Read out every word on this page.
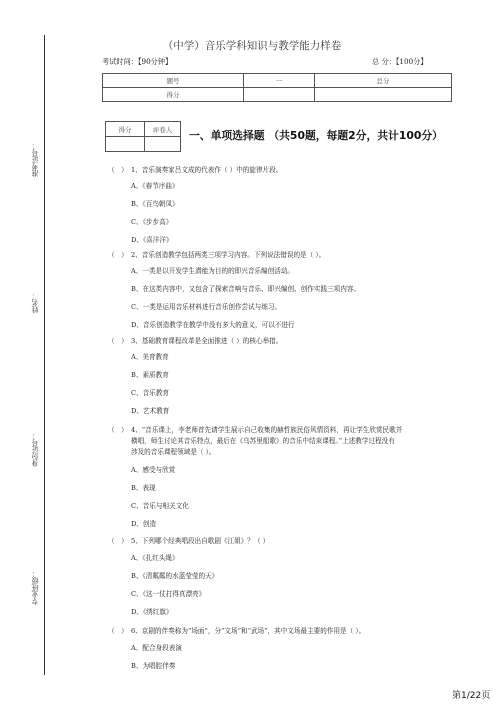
准考证号：
姓名：
身份证号：
专业班级：
（中学）音乐学科知识与教学能力样卷
考试时间：【90分钟】	总 分：【100分】
题号	一	总分
得分		
得分	评卷人
	一、单项选择题 （共50题，每题2分，共计100分）
（　） 1、音乐演奏家吕文成的代表作（ ）中的旋律片段。
A、《春节序曲》
B、《百鸟朝凤》
C、《步步高》
D、《喜洋洋》
（　） 2、音乐创造教学包括两类三项学习内容。下列说法错误的是（ ）。
A、一类是以开发学生潜能为目的的即兴音乐编创活动。
B、在这类内容中，又包含了探索音响与音乐、即兴编创、创作实践三项内容。
C、一类是运用音乐材料进行音乐创作尝试与练习。
D、音乐创造教学在教学中没有多大的意义，可以不进行
（　） 3、基础教育课程改革是全面推进（ ）的核心举措。
A、美育教育
B、素质教育
C、音乐教育
D、艺术教育
（　） 4、“音乐课上，李老师首先请学生展示自己收集的赫哲族民俗风情资料，再让学生欣赏民歌并
横唱，师生讨论其音乐特点，最后在《乌苏里船歌》的音乐中结束课程。”上述教学过程没有
涉及的音乐课程领域是（ ）。
A、感受与欣赏
B、表现
C、音乐与相关文化
D、创造
（　） 5、下列哪个经典唱段出自歌剧《江姐》？（ ）
A、《扎红头绳》
B、《清粼粼的水蓝莹莹的天》
C、《这一仗打得真漂亮》
D、《绣红旗》
（　） 6、京剧的伴奏称为“场面”，分“文场”和“武场”，其中文场最主要的作用是（ ）。
A、配合身段表演
B、为唱腔伴奏
第1/22页
